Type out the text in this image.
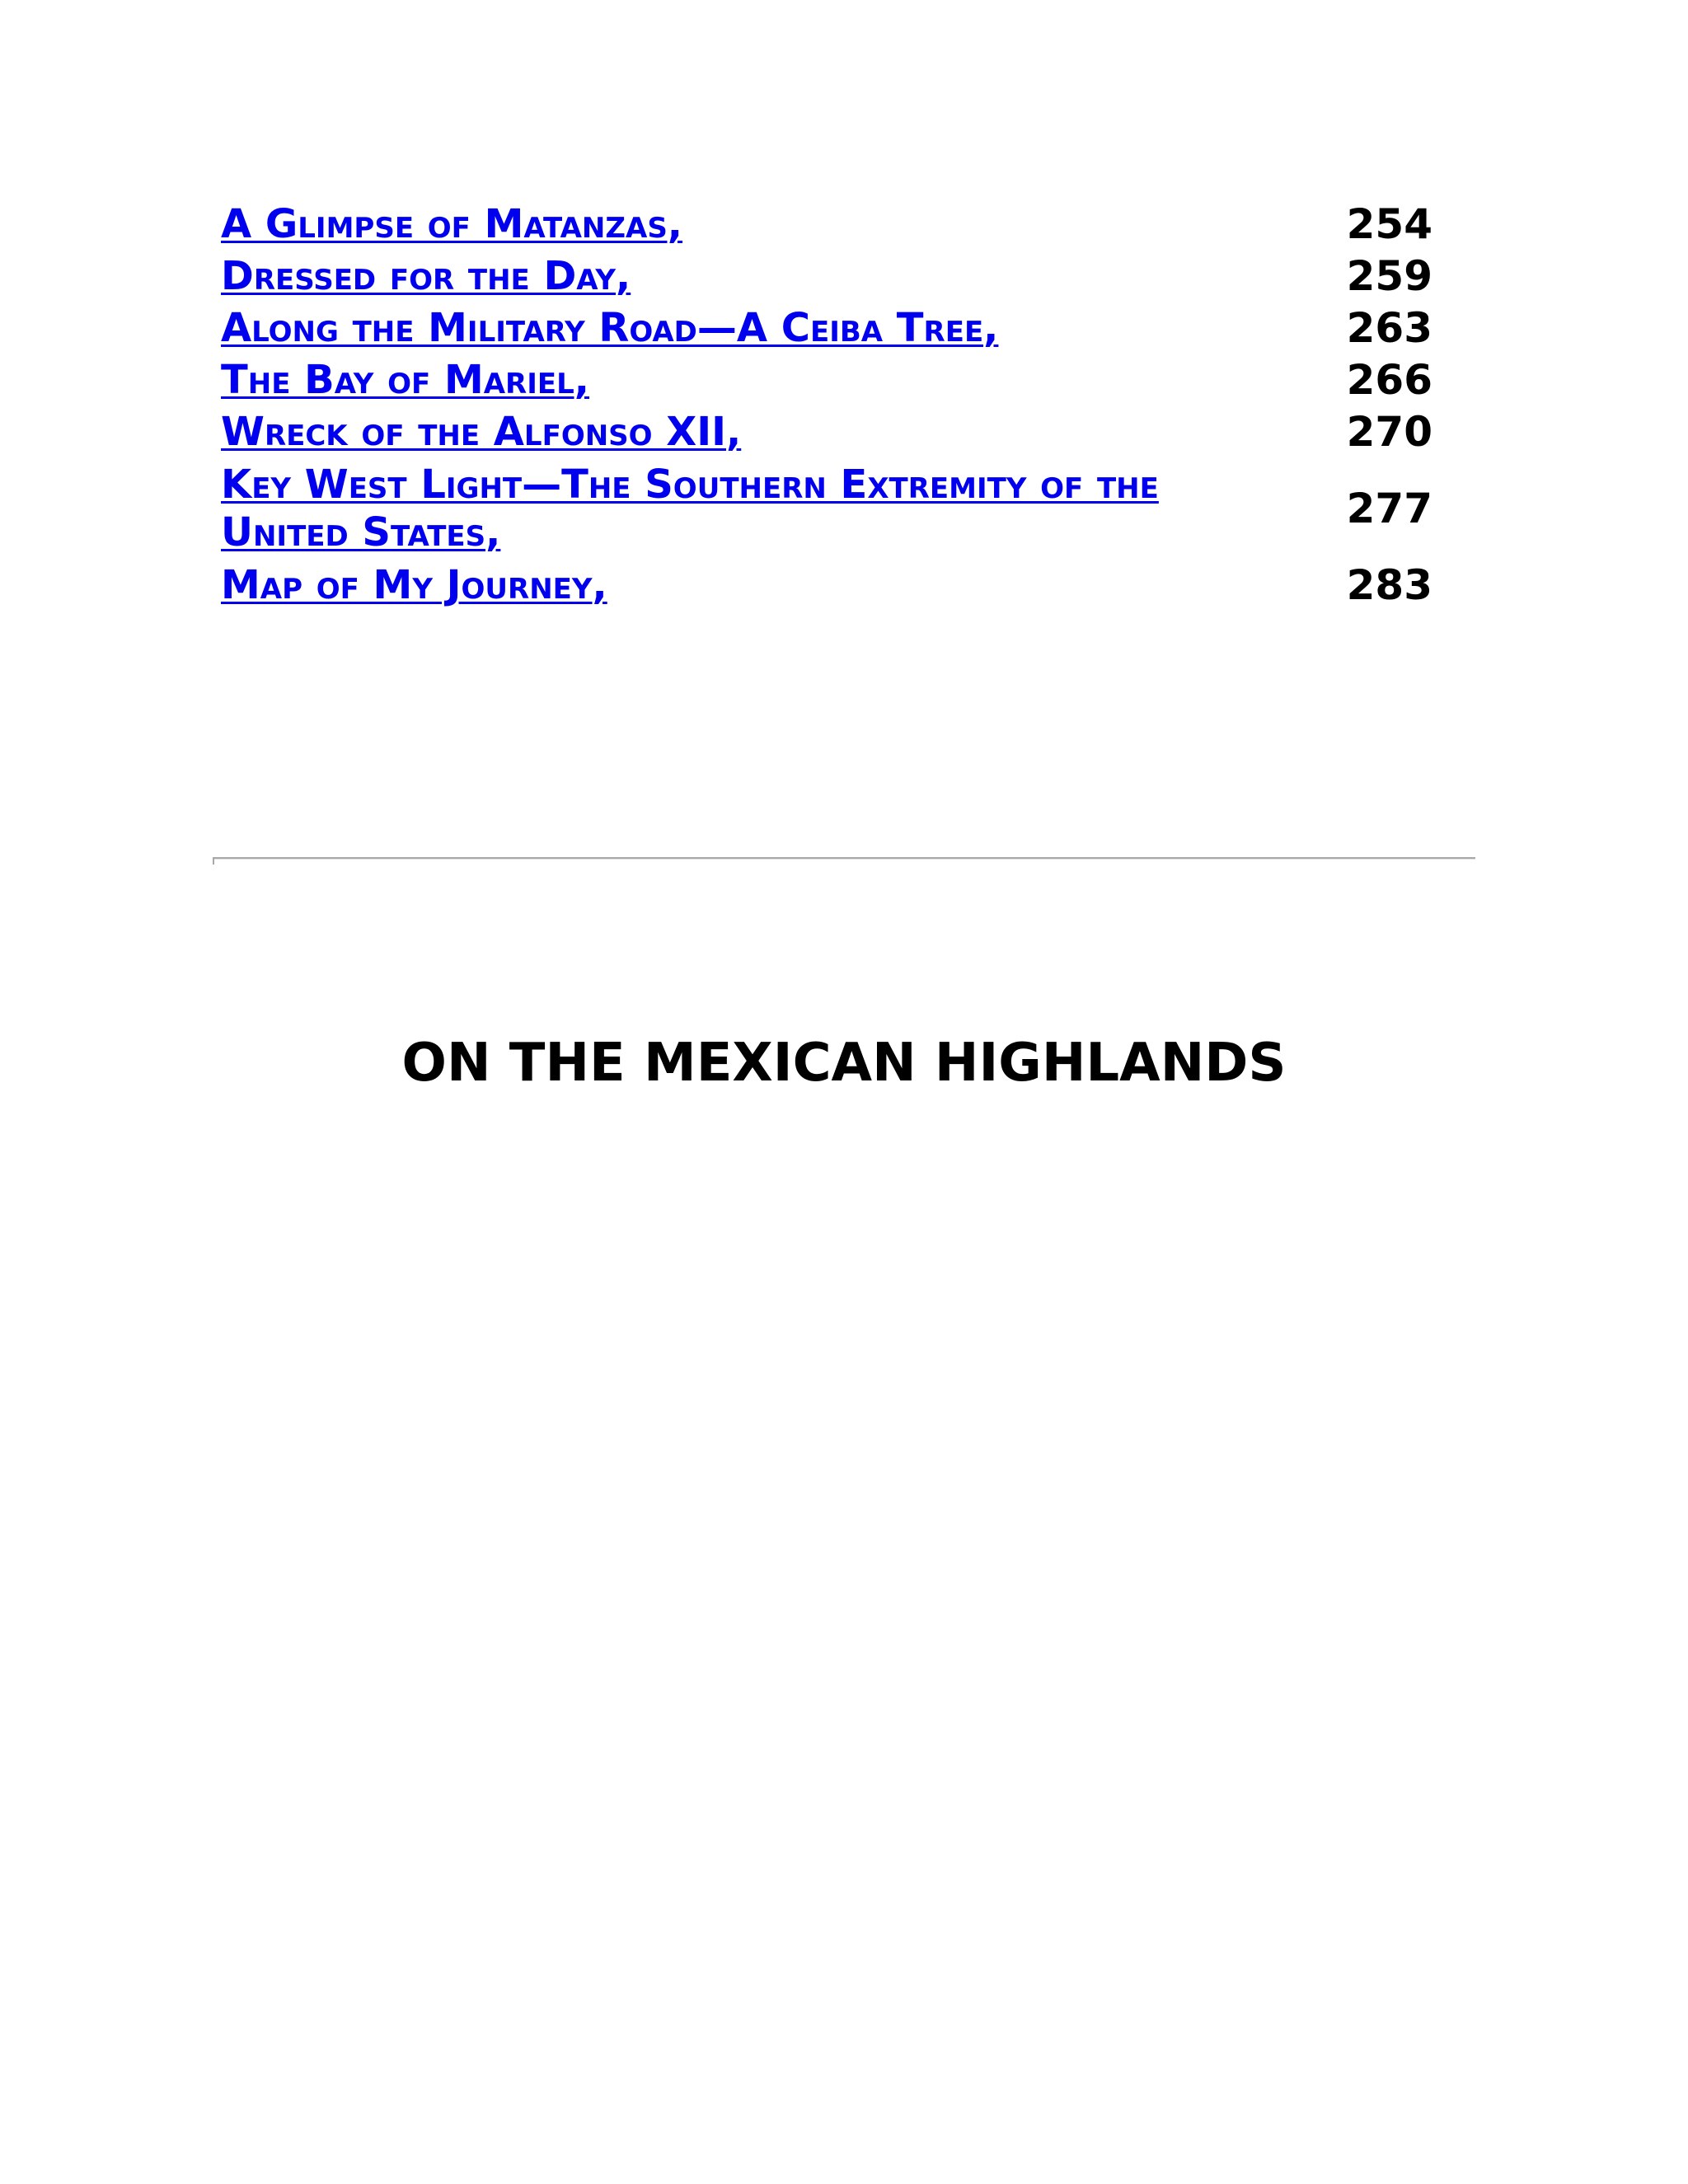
A Glimpse of Matanzas,	254
Dressed for the Day,	259
Along the Military Road—A Ceiba Tree,	263
The Bay of Mariel,	266
Wreck of the Alfonso XII,	270
Key West Light—The Southern Extremity of the United States,	277
Map of My Journey,	283
ON THE MEXICAN HIGHLANDS
